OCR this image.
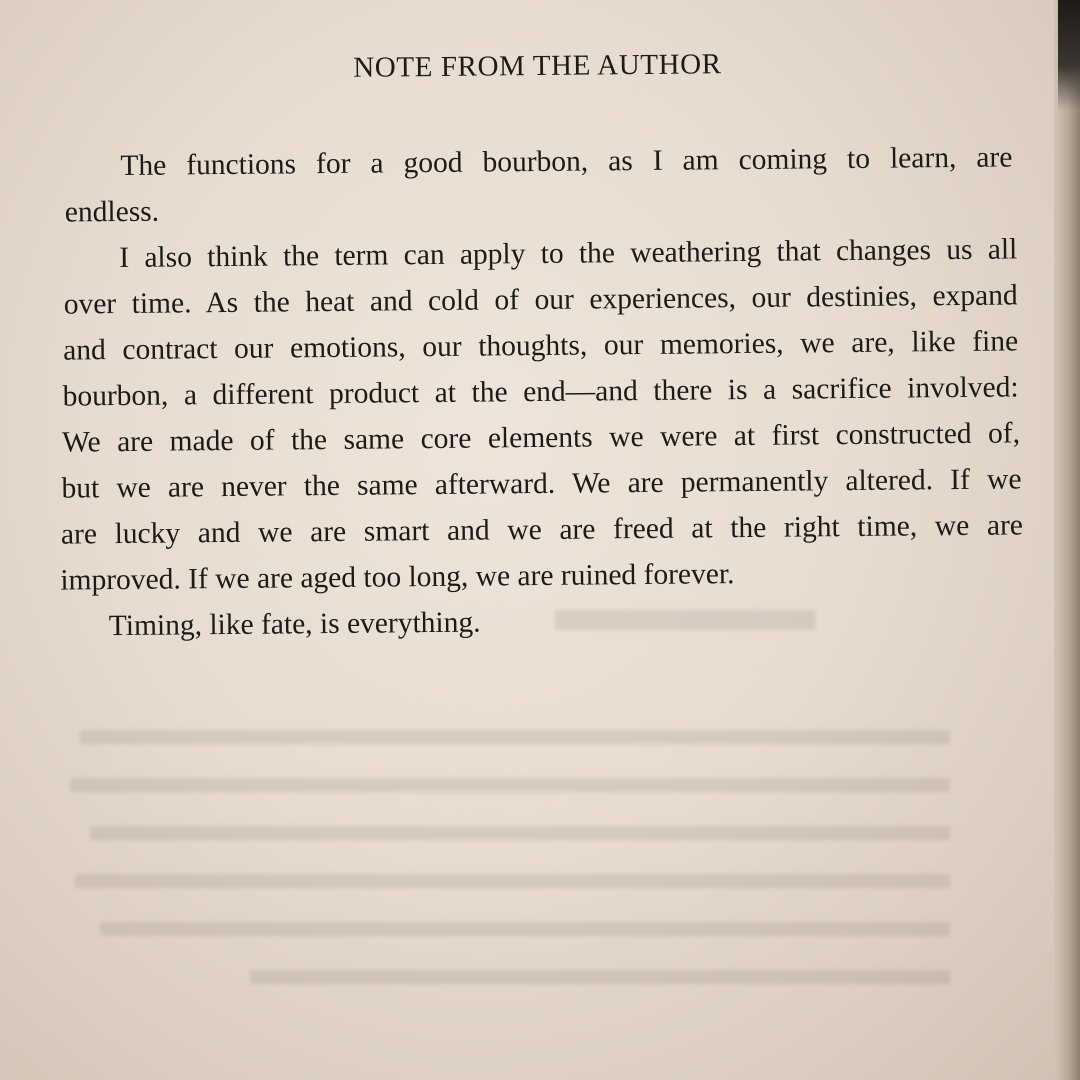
NOTE FROM THE AUTHOR
The functions for a good bourbon, as I am coming to learn, are
endless.
I also think the term can apply to the weathering that changes us all
over time. As the heat and cold of our experiences, our destinies, expand
and contract our emotions, our thoughts, our memories, we are, like fine
bourbon, a different product at the end—and there is a sacrifice involved:
We are made of the same core elements we were at first constructed of,
but we are never the same afterward. We are permanently altered. If we
are lucky and we are smart and we are freed at the right time, we are
improved. If we are aged too long, we are ruined forever.
Timing, like fate, is everything.
